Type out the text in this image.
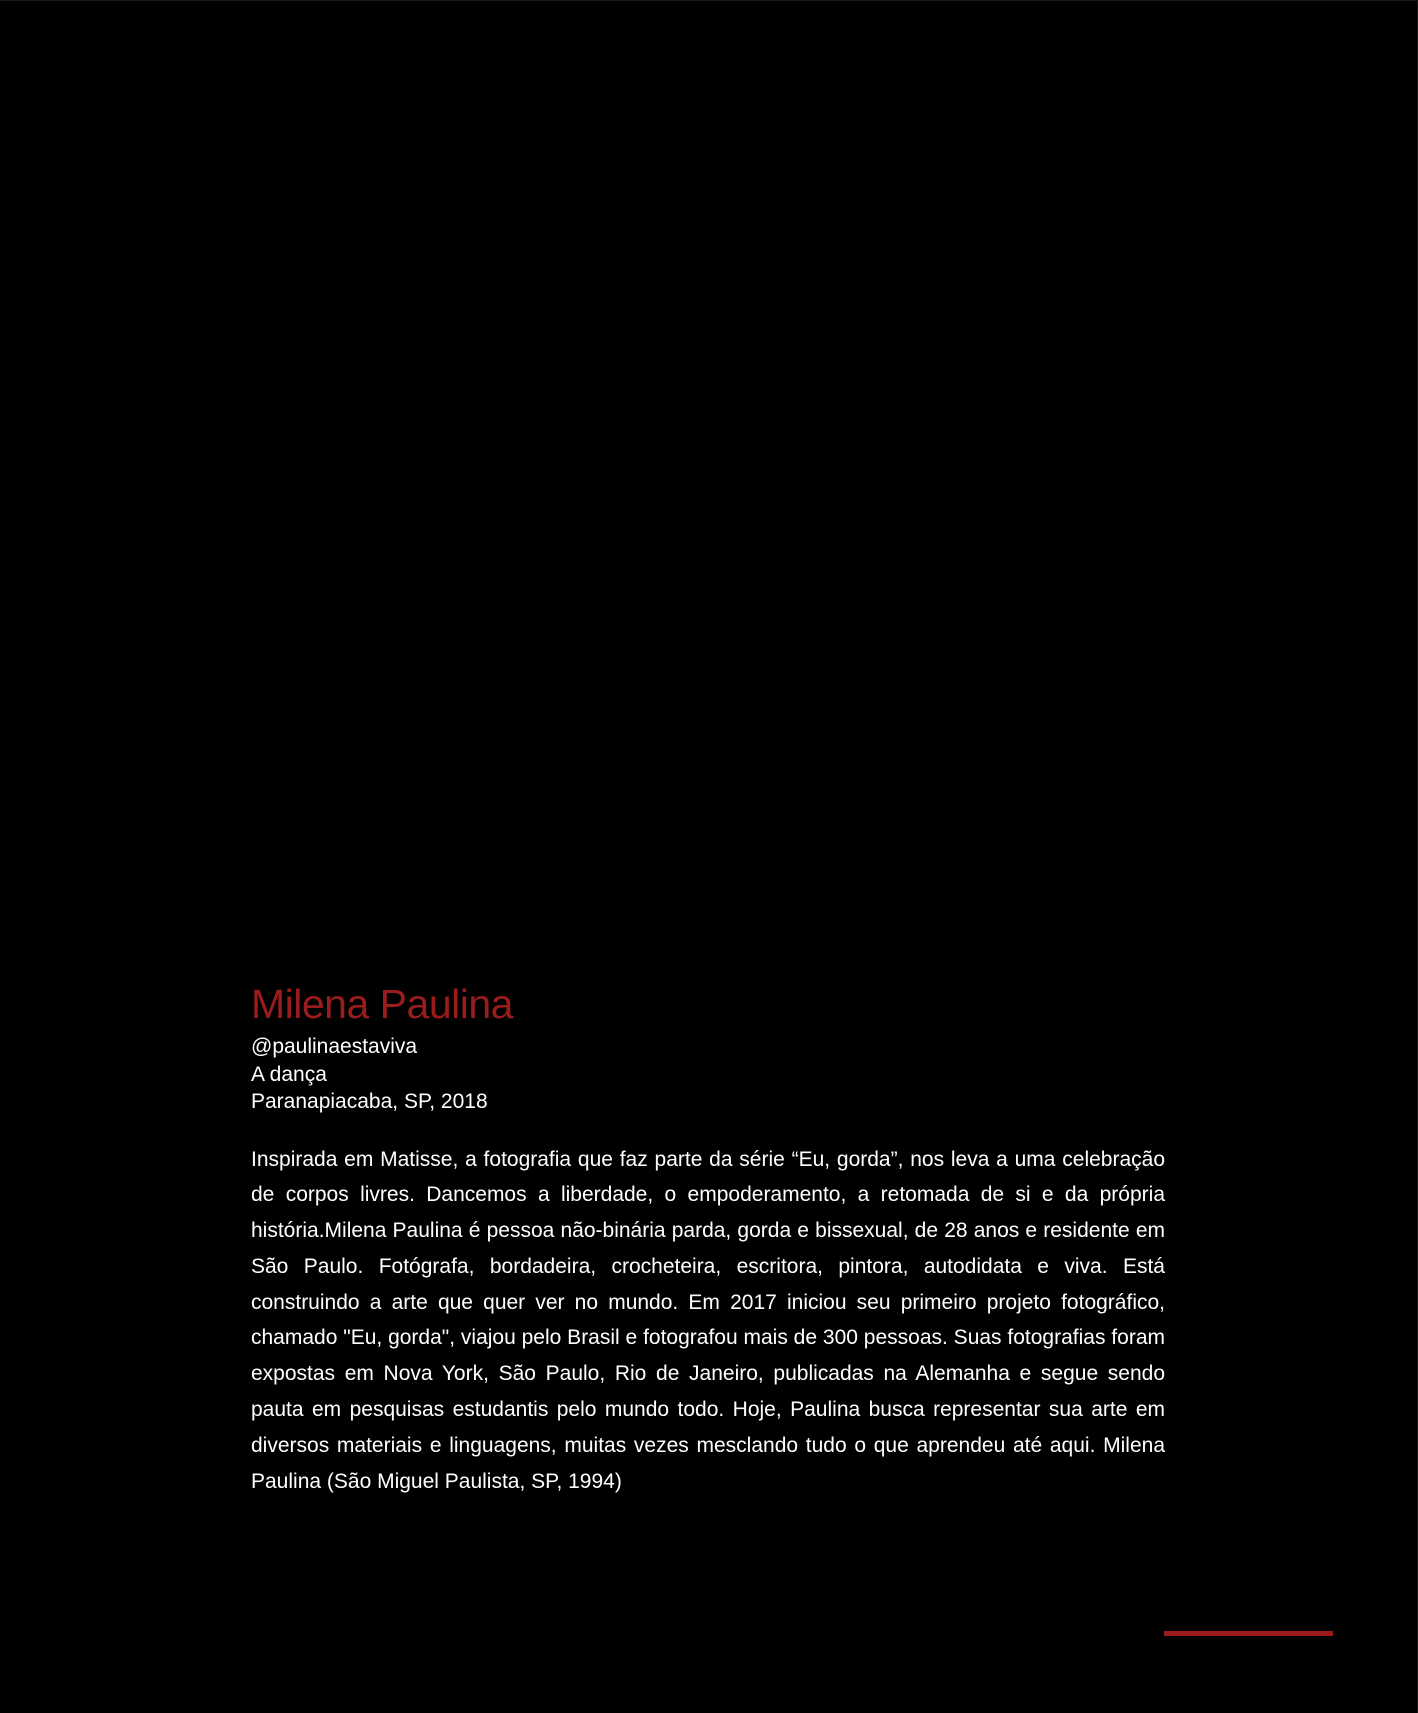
Milena Paulina

@paulinaestaviva

A dança

Paranapiacaba, SP, 2018

Inspirada em Matisse, a fotografia que faz parte da série “Eu, gorda”, nos leva a uma celebração de corpos livres. Dancemos a liberdade, o empoderamento, a retomada de si e da própria história.Milena Paulina é pessoa não-binária parda, gorda e bissexual, de 28 anos e residente em São Paulo. Fotógrafa, bordadeira, crocheteira, escritora, pintora, autodidata e viva. Está construindo a arte que quer ver no mundo. Em 2017 iniciou seu primeiro projeto fotográfico, chamado "Eu, gorda", viajou pelo Brasil e fotografou mais de 300 pessoas. Suas fotografias foram expostas em Nova York, São Paulo, Rio de Janeiro, publicadas na Alemanha e segue sendo pauta em pesquisas estudantis pelo mundo todo. Hoje, Paulina busca representar sua arte em diversos materiais e linguagens, muitas vezes mesclando tudo o que aprendeu até aqui. Milena Paulina (São Miguel Paulista, SP, 1994)
